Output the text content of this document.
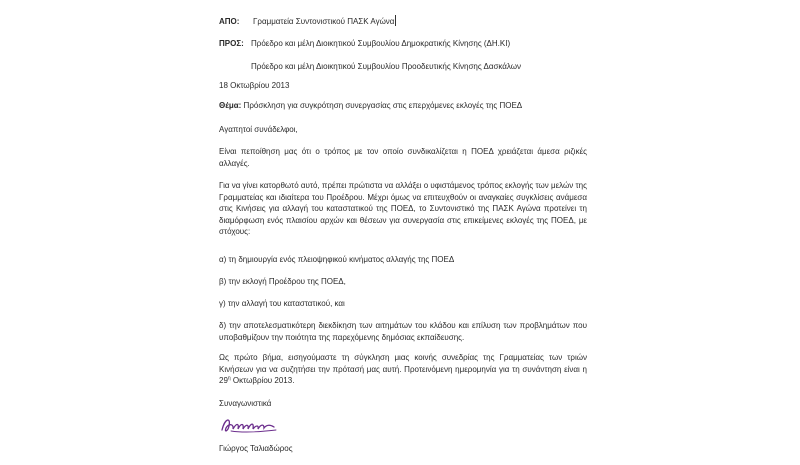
ΑΠΟ: Γραμματεία Συντονιστικού ΠΑΣΚ Αγώνα
ΠΡΟΣ: Πρόεδρο και μέλη Διοικητικού Συμβουλίου Δημοκρατικής Κίνησης (ΔΗ.ΚΙ)
Πρόεδρο και μέλη Διοικητικού Συμβουλίου Προοδευτικής Κίνησης Δασκάλων
18 Οκτωβρίου 2013
Θέμα: Πρόσκληση για συγκρότηση συνεργασίας στις επερχόμενες εκλογές της ΠΟΕΔ
Αγαπητοί συνάδελφοι,
Είναι πεποίθηση μας ότι ο τρόπος με τον οποίο συνδικαλίζεται η ΠΟΕΔ χρειάζεται άμεσα ριζικές αλλαγές.
Για να γίνει κατορθωτό αυτό, πρέπει πρώτιστα να αλλάξει ο υφιστάμενος τρόπος εκλογής των μελών της Γραμματείας και ιδιαίτερα του Προέδρου. Μέχρι όμως να επιτευχθούν οι αναγκαίες συγκλίσεις ανάμεσα στις Κινήσεις για αλλαγή του καταστατικού της ΠΟΕΔ, το Συντονιστικό της ΠΑΣΚ Αγώνα προτείνει τη διαμόρφωση ενός πλαισίου αρχών και θέσεων για συνεργασία στις επικείμενες εκλογές της ΠΟΕΔ, με στόχους:
α) τη δημιουργία ενός πλειοψηφικού κινήματος αλλαγής της ΠΟΕΔ
β) την εκλογή Προέδρου της ΠΟΕΔ,
γ) την αλλαγή του καταστατικού, και
δ) την αποτελεσματικότερη διεκδίκηση των αιτημάτων του κλάδου και επίλυση των προβλημάτων που υποβαθμίζουν την ποιότητα της παρεχόμενης δημόσιας εκπαίδευσης.
Ως πρώτο βήμα, εισηγούμαστε τη σύγκληση μιας κοινής συνεδρίας της Γραμματείας των τριών Κινήσεων για να συζητήσει την πρότασή μας αυτή. Προτεινόμενη ημερομηνία για τη συνάντηση είναι η $29^\eta$ Οκτωβρίου 2013.
Συναγωνιστικά
Γιώργος Ταλιαδώρος
